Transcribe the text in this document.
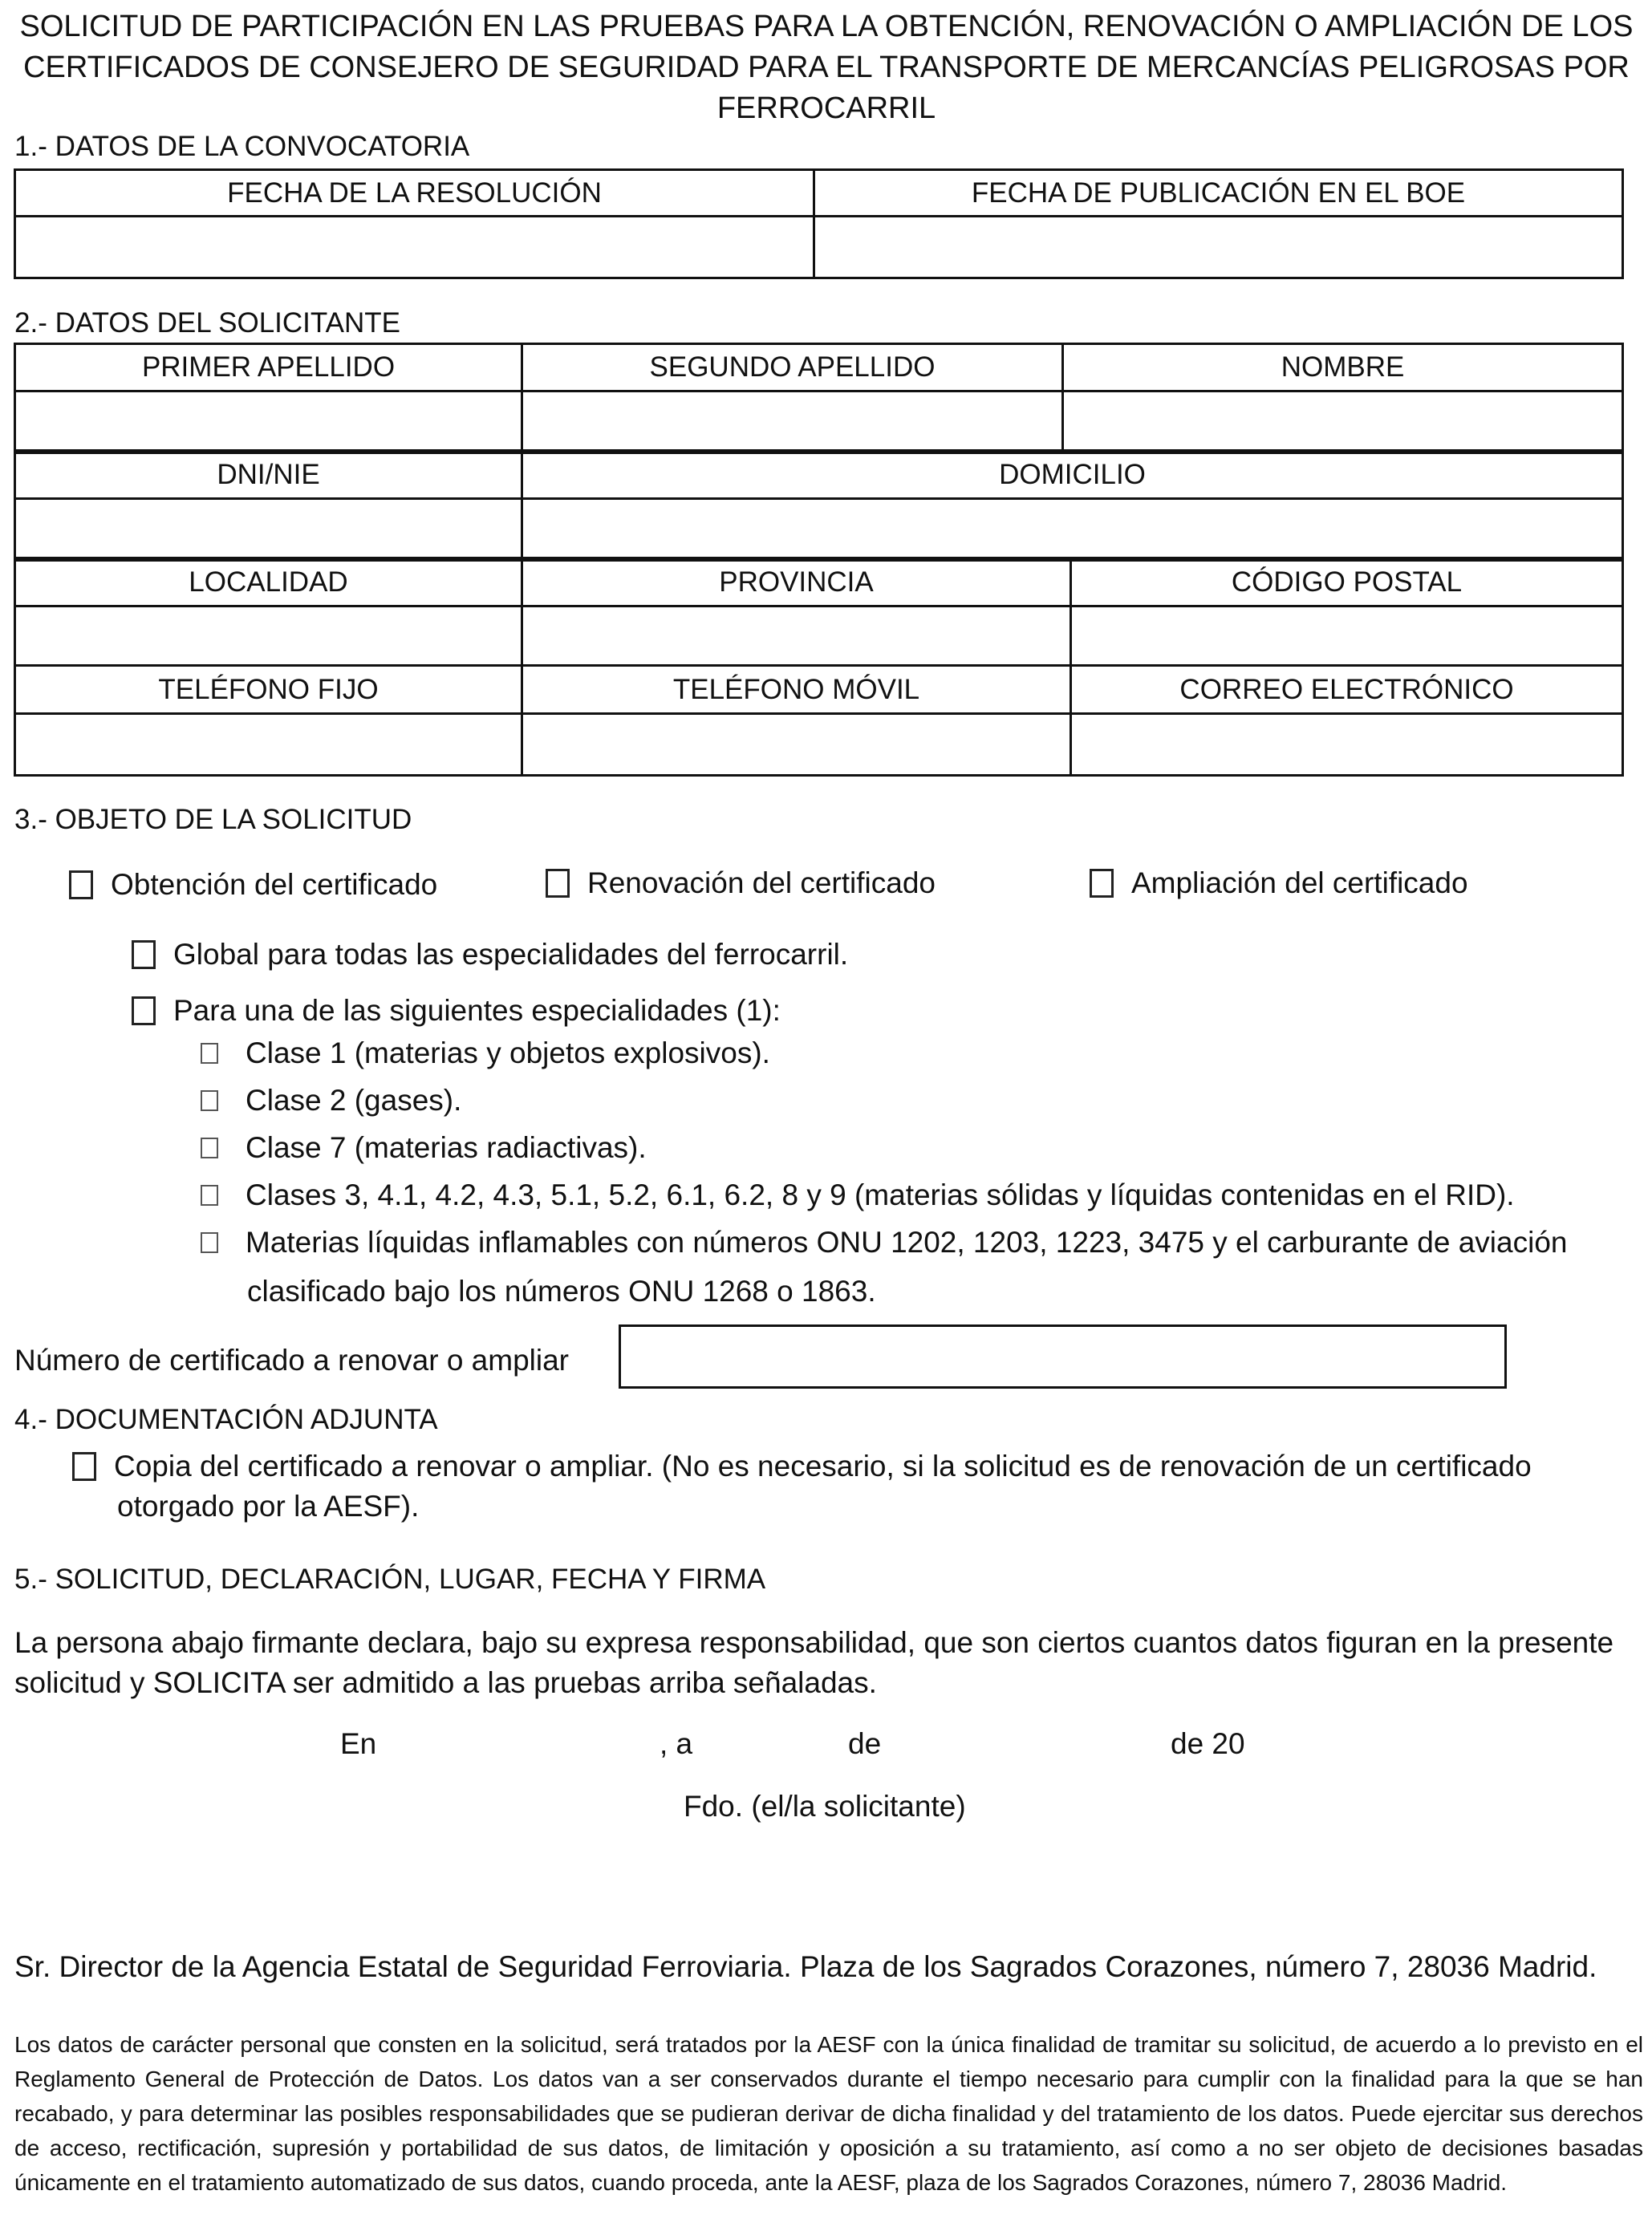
SOLICITUD DE PARTICIPACIÓN EN LAS PRUEBAS PARA LA OBTENCIÓN, RENOVACIÓN O AMPLIACIÓN DE LOS CERTIFICADOS DE CONSEJERO DE SEGURIDAD PARA EL TRANSPORTE DE MERCANCÍAS PELIGROSAS POR FERROCARRIL
1.- DATOS DE LA CONVOCATORIA
FECHA DE LA RESOLUCIÓN	FECHA DE PUBLICACIÓN EN EL BOE

2.- DATOS DEL SOLICITANTE
PRIMER APELLIDO	SEGUNDO APELLIDO	NOMBRE

DNI/NIE	DOMICILIO

LOCALIDAD	PROVINCIA	CÓDIGO POSTAL

TELÉFONO FIJO	TELÉFONO MÓVIL	CORREO ELECTRÓNICO

3.- OBJETO DE LA SOLICITUD
Obtención del certificado	Renovación del certificado	Ampliación del certificado
Global para todas las especialidades del ferrocarril.
Para una de las siguientes especialidades (1):
Clase 1 (materias y objetos explosivos).
Clase 2 (gases).
Clase 7 (materias radiactivas).
Clases 3, 4.1, 4.2, 4.3, 5.1, 5.2, 6.1, 6.2, 8 y 9 (materias sólidas y líquidas contenidas en el RID).
Materias líquidas inflamables con números ONU 1202, 1203, 1223, 3475 y el carburante de aviación
clasificado bajo los números ONU 1268 o 1863.
Número de certificado a renovar o ampliar
4.- DOCUMENTACIÓN ADJUNTA
Copia del certificado a renovar o ampliar. (No es necesario, si la solicitud es de renovación de un certificado
otorgado por la AESF).
5.- SOLICITUD, DECLARACIÓN, LUGAR, FECHA Y FIRMA
La persona abajo firmante declara, bajo su expresa responsabilidad, que son ciertos cuantos datos figuran en la presente solicitud y SOLICITA ser admitido a las pruebas arriba señaladas.
En	, a	de	de 20
Fdo. (el/la solicitante)
Sr. Director de la Agencia Estatal de Seguridad Ferroviaria. Plaza de los Sagrados Corazones, número 7, 28036 Madrid.
Los datos de carácter personal que consten en la solicitud, será tratados por la AESF con la única finalidad de tramitar su solicitud, de acuerdo a lo previsto en el Reglamento General de Protección de Datos. Los datos van a ser conservados durante el tiempo necesario para cumplir con la finalidad para la que se han recabado, y para determinar las posibles responsabilidades que se pudieran derivar de dicha finalidad y del tratamiento de los datos. Puede ejercitar sus derechos de acceso, rectificación, supresión y portabilidad de sus datos, de limitación y oposición a su tratamiento, así como a no ser objeto de decisiones basadas únicamente en el tratamiento automatizado de sus datos, cuando proceda, ante la AESF, plaza de los Sagrados Corazones, número 7, 28036 Madrid.
